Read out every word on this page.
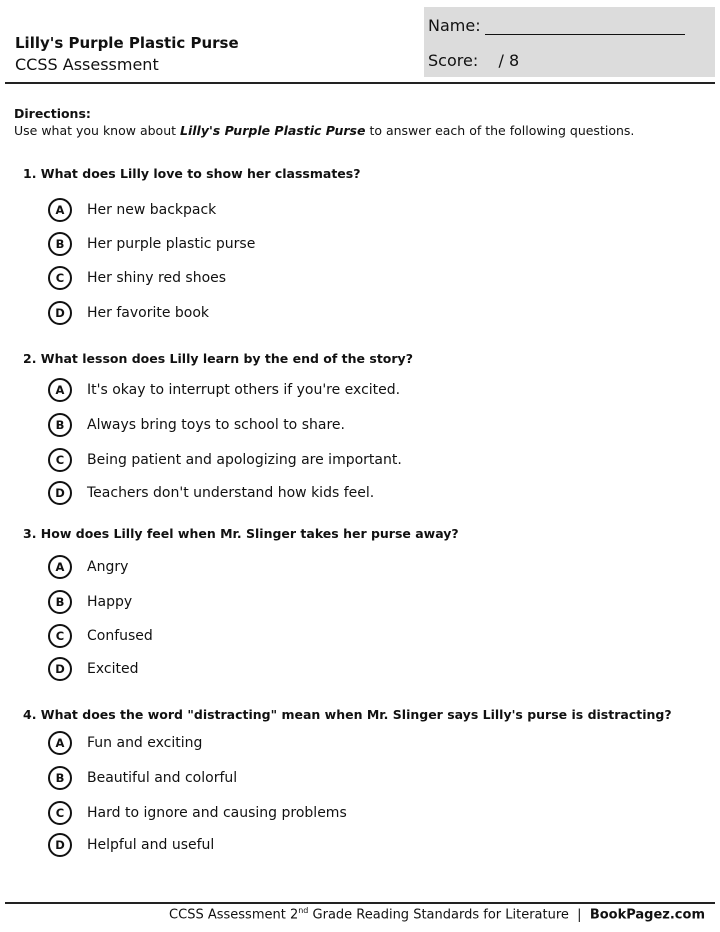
Lilly's Purple Plastic Purse
CCSS Assessment
Name:
Score: / 8
Directions:
Use what you know about Lilly's Purple Plastic Purse to answer each of the following questions.

1. What does Lilly love to show her classmates?

A	Her new backpack
B	Her purple plastic purse
C	Her shiny red shoes
D	Her favorite book

2. What lesson does Lilly learn by the end of the story?

A	It's okay to interrupt others if you're excited.
B	Always bring toys to school to share.
C	Being patient and apologizing are important.
D	Teachers don't understand how kids feel.

3. How does Lilly feel when Mr. Slinger takes her purse away?

A	Angry
B	Happy
C	Confused
D	Excited

4. What does the word "distracting" mean when Mr. Slinger says Lilly's purse is distracting?

A	Fun and exciting
B	Beautiful and colorful
C	Hard to ignore and causing problems
D	Helpful and useful
CCSS Assessment 2nd Grade Reading Standards for Literature  |  BookPagez.com
